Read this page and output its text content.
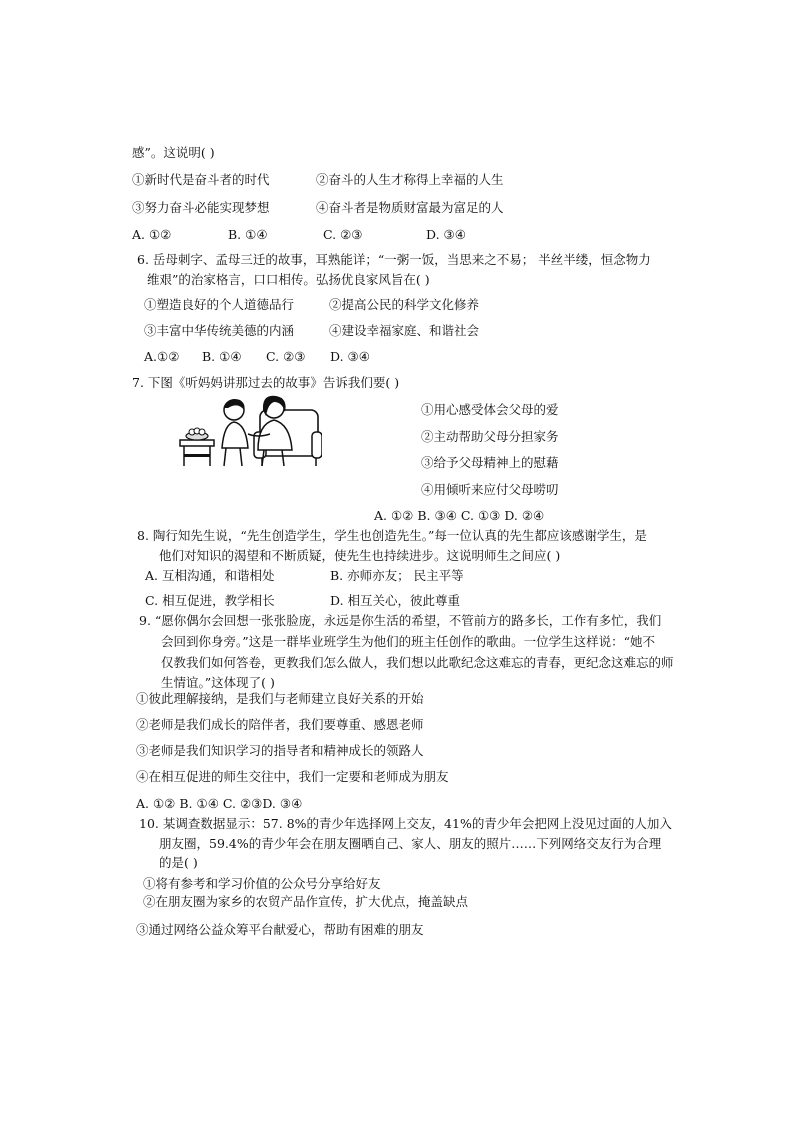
感”。这说明( )
①新时代是奋斗者的时代	②奋斗的人生才称得上幸福的人生
③努力奋斗必能实现梦想	④奋斗者是物质财富最为富足的人
A. ①②	B. ①④	C. ②③	D. ③④
6. 岳母刺字、孟母三迁的故事，耳熟能详；“一粥一饭，当思来之不易； 半丝半缕，恒念物力
维艰”的治家格言，口口相传。弘扬优良家风旨在( )
①塑造良好的个人道德品行	②提高公民的科学文化修养
③丰富中华传统美德的内涵	④建设幸福家庭、和谐社会
A.①② B. ①④ C. ②③ D. ③④
7. 下图《听妈妈讲那过去的故事》告诉我们要( )
①用心感受体会父母的爱
②主动帮助父母分担家务
③给予父母精神上的慰藉
④用倾听来应付父母唠叨
A. ①② B. ③④ C. ①③ D. ②④
8. 陶行知先生说，“先生创造学生，学生也创造先生。”每一位认真的先生都应该感谢学生，是
他们对知识的渴望和不断质疑，使先生也持续进步。这说明师生之间应( )
A. 互相沟通，和谐相处	B. 亦师亦友； 民主平等
C. 相互促进，教学相长	D. 相互关心，彼此尊重
9. “愿你偶尔会回想一张张脸庞，永远是你生活的希望，不管前方的路多长，工作有多忙，我们
会回到你身旁。”这是一群毕业班学生为他们的班主任创作的歌曲。一位学生这样说：“她不
仅教我们如何答卷，更教我们怎么做人，我们想以此歌纪念这难忘的青春，更纪念这难忘的师
生情谊。”这体现了( )
①彼此理解接纳，是我们与老师建立良好关系的开始
②老师是我们成长的陪伴者，我们要尊重、感恩老师
③老师是我们知识学习的指导者和精神成长的领路人
④在相互促进的师生交往中，我们一定要和老师成为朋友
A. ①② B. ①④ C. ②③D. ③④
10. 某调查数据显示：57. 8%的青少年选择网上交友，41%的青少年会把网上没见过面的人加入
朋友圈，59.4%的青少年会在朋友圈晒自己、家人、朋友的照片……下列网络交友行为合理
的是( )
①将有参考和学习价值的公众号分享给好友
②在朋友圈为家乡的农贸产品作宣传，扩大优点，掩盖缺点
③通过网络公益众筹平台献爱心，帮助有困难的朋友
